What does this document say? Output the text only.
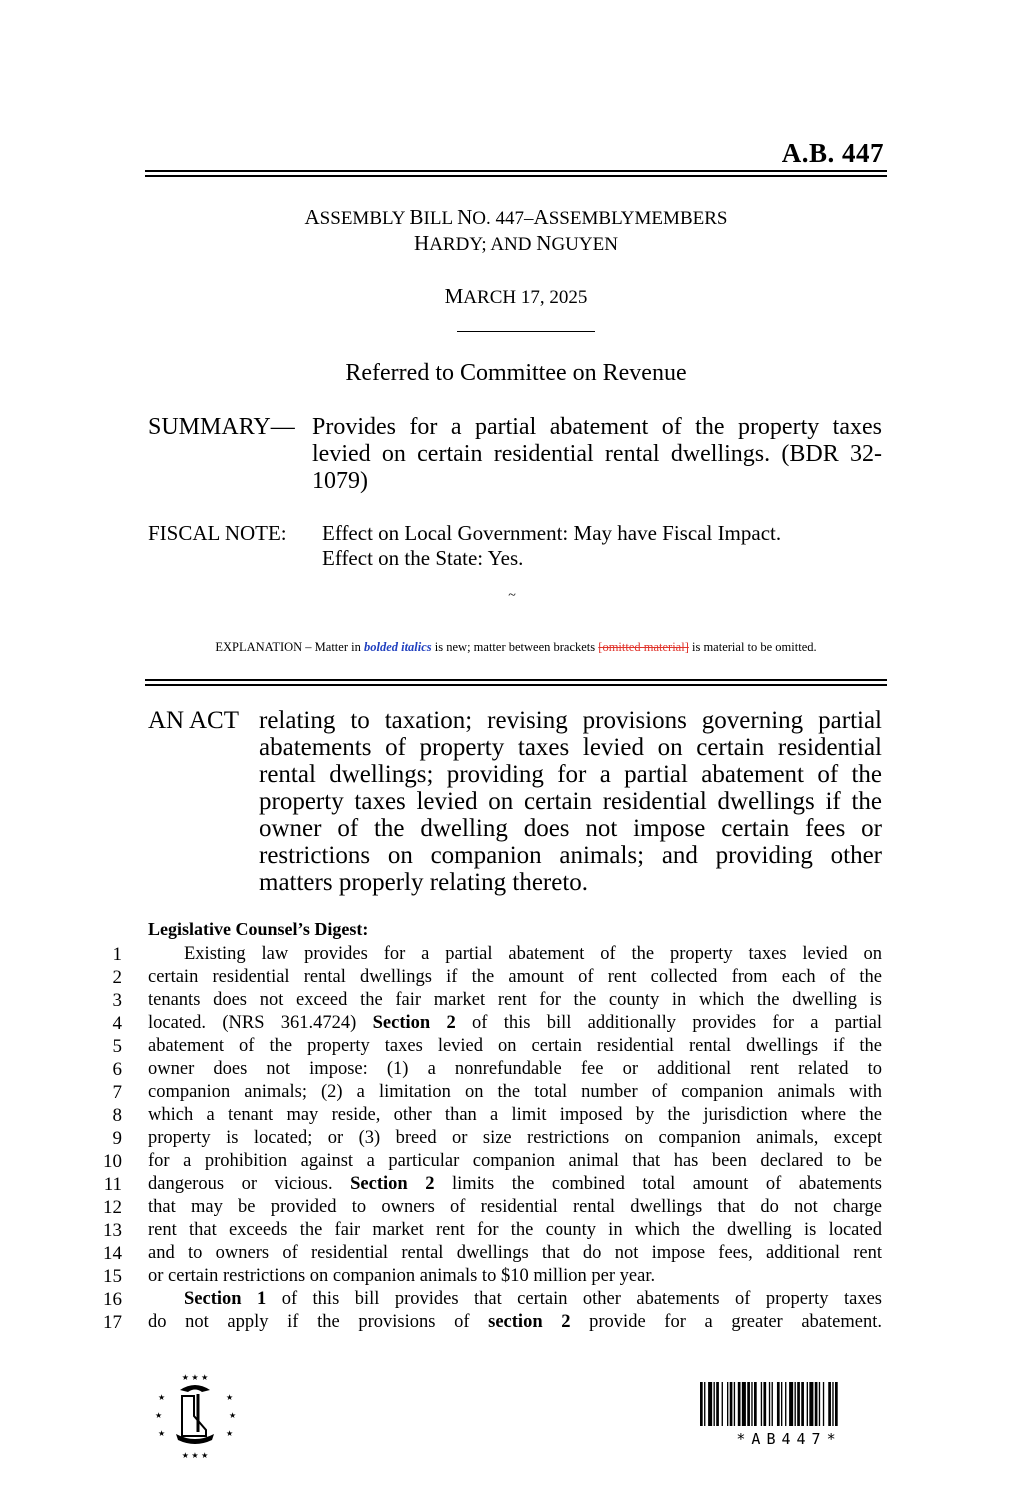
A.B. 447
ASSEMBLY BILL NO. 447–ASSEMBLYMEMBERS
HARDY; AND NGUYEN
MARCH 17, 2025
Referred to Committee on Revenue
SUMMARY— Provides for a partial abatement of the property taxes levied on certain residential rental dwellings. (BDR 32-1079)
FISCAL NOTE: Effect on Local Government: May have Fiscal Impact.
Effect on the State: Yes.
~
EXPLANATION – Matter in bolded italics is new; matter between brackets [omitted material] is material to be omitted.
AN ACT relating to taxation; revising provisions governing partial abatements of property taxes levied on certain residential rental dwellings; providing for a partial abatement of the property taxes levied on certain residential dwellings if the owner of the dwelling does not impose certain fees or restrictions on companion animals; and providing other matters properly relating thereto.
Legislative Counsel’s Digest:
1	Existing law provides for a partial abatement of the property taxes levied on
2 certain residential rental dwellings if the amount of rent collected from each of the
3 tenants does not exceed the fair market rent for the county in which the dwelling is
4 located. (NRS 361.4724) Section 2 of this bill additionally provides for a partial
5 abatement of the property taxes levied on certain residential rental dwellings if the
6 owner does not impose: (1) a nonrefundable fee or additional rent related to
7 companion animals; (2) a limitation on the total number of companion animals with
8 which a tenant may reside, other than a limit imposed by the jurisdiction where the
9 property is located; or (3) breed or size restrictions on companion animals, except
10 for a prohibition against a particular companion animal that has been declared to be
11 dangerous or vicious. Section 2 limits the combined total amount of abatements
12 that may be provided to owners of residential rental dwellings that do not charge
13 rent that exceeds the fair market rent for the county in which the dwelling is located
14 and to owners of residential rental dwellings that do not impose fees, additional rent
15 or certain restrictions on companion animals to $10 million per year.
16	Section 1 of this bill provides that certain other abatements of property taxes
17 do not apply if the provisions of section 2 provide for a greater abatement.
★ ★ ★
★
★
★
★
★
★
★ ★ ★
*AB447*
